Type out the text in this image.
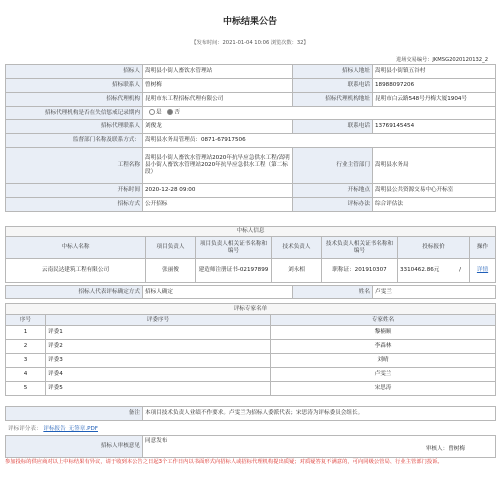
中标结果公告
【发布时间：2021-01-04 10:06 浏览次数：32】
进场交易编号：JKMSG2020120132_2
招标人	嵩明县小街人畜饮水管理站	招标人地址	嵩明县小街镇五谷村
招标联系人	曾树梅	联系电话	18988097206
招标代理机构	昆明市东工程招标代理有限公司	招标代理机构地址	昆明市白云路548号丹梅大厦1904号
招标代理机构是否在失信惩戒记录期内	是 否		
招标代理联系人	刘俊龙	联系电话	13769145454
监督部门名称及联系方式：	嵩明县水务局管理员：0871-67917506		
工程名称	嵩明县小街人畜饮水管理站2020年抗旱应急供水工程/嵩明县小街人畜饮水管理站2020年抗旱应急供水工程（第二标段）	行业主管部门	嵩明县水务局
开标时间	2020-12-28 09:00	开标地点	嵩明县公共资源交易中心开标室
招标方式	公开招标	评标办法	综合评估法
中标人信息						
中标人名称	项目负责人	项目负责人相关证书名称和编号	技术负责人	技术负责人相关证书名称和编号	投标报价	操作
云南民达建筑工程有限公司	张丽俊	建造师注册证书-02197899	刘永相	职称证：201910307	3310462.86元 /	详情
招标人代表评标确定方式	招标人确定	姓名	卢雯兰
评标专家名单		
序号	评委序号	专家姓名
1	评委1	黎楠顺
2	评委2	李森林
3	评委3	刘晴
4	评委4	卢雯兰
5	评委5	宋思涛
备注	本项目技术负责人业绩不作要求。卢雯兰为招标人委派代表；宋思涛为评标委员会组长。
评标评分表： 评标报告_无签章.PDF
招标人审核意见	
同意发布
审核人：曾树梅
参加投标的供应商对以上中标结果有异议，请于收到本公告之日起3个工作日内以书面形式向招标人或招标代理机构提出质疑；对质疑答复不满意的，可向同级公管局、行业主管部门投诉。
